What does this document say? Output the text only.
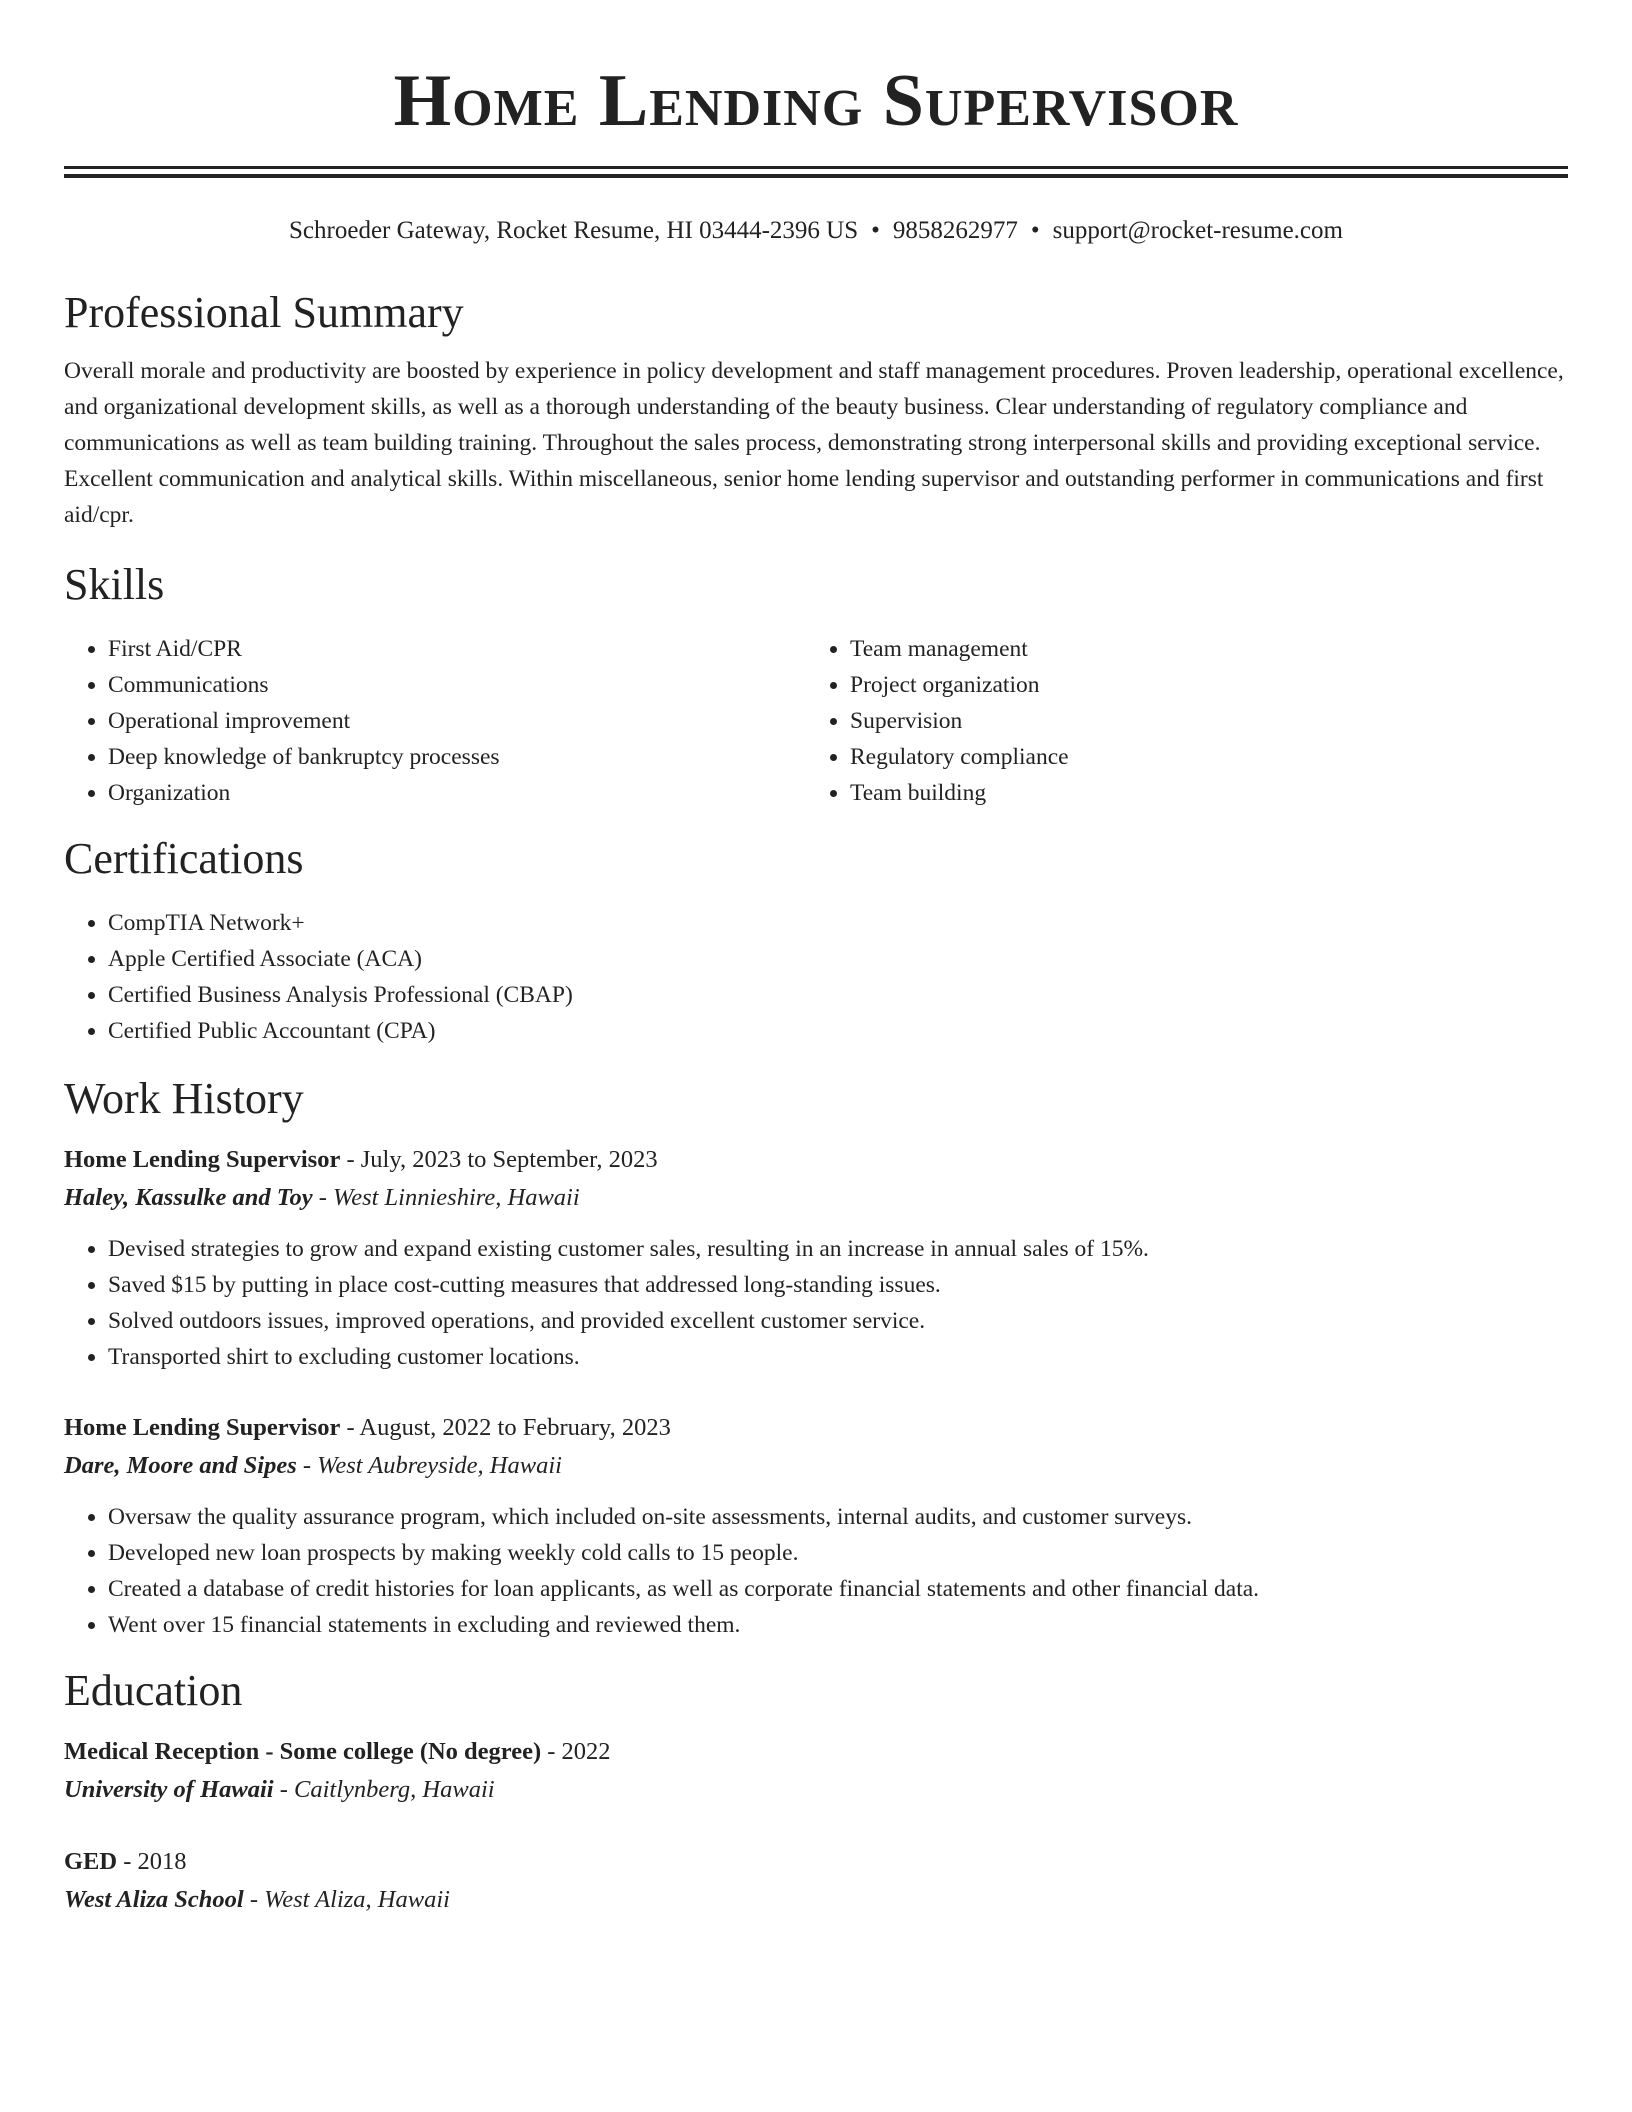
Home Lending Supervisor
Schroeder Gateway, Rocket Resume, HI 03444-2396 US • 9858262977 • support@rocket-resume.com
Professional Summary

Overall morale and productivity are boosted by experience in policy development and staff management procedures. Proven leadership, operational excellence, and organizational development skills, as well as a thorough understanding of the beauty business. Clear understanding of regulatory compliance and communications as well as team building training. Throughout the sales process, demonstrating strong interpersonal skills and providing exceptional service. Excellent communication and analytical skills. Within miscellaneous, senior home lending supervisor and outstanding performer in communications and first aid/cpr.

Skills
• First Aid/CPR
• Communications
• Operational improvement
• Deep knowledge of bankruptcy processes
• Organization
• Team management
• Project organization
• Supervision
• Regulatory compliance
• Team building
Certifications
• CompTIA Network+
• Apple Certified Associate (ACA)
• Certified Business Analysis Professional (CBAP)
• Certified Public Accountant (CPA)
Work History
Home Lending Supervisor - July, 2023 to September, 2023
Haley, Kassulke and Toy - West Linnieshire, Hawaii
• Devised strategies to grow and expand existing customer sales, resulting in an increase in annual sales of 15%.
• Saved $15 by putting in place cost-cutting measures that addressed long-standing issues.
• Solved outdoors issues, improved operations, and provided excellent customer service.
• Transported shirt to excluding customer locations.
Home Lending Supervisor - August, 2022 to February, 2023
Dare, Moore and Sipes - West Aubreyside, Hawaii
• Oversaw the quality assurance program, which included on-site assessments, internal audits, and customer surveys.
• Developed new loan prospects by making weekly cold calls to 15 people.
• Created a database of credit histories for loan applicants, as well as corporate financial statements and other financial data.
• Went over 15 financial statements in excluding and reviewed them.
Education
Medical Reception - Some college (No degree) - 2022
University of Hawaii - Caitlynberg, Hawaii
GED - 2018
West Aliza School - West Aliza, Hawaii
